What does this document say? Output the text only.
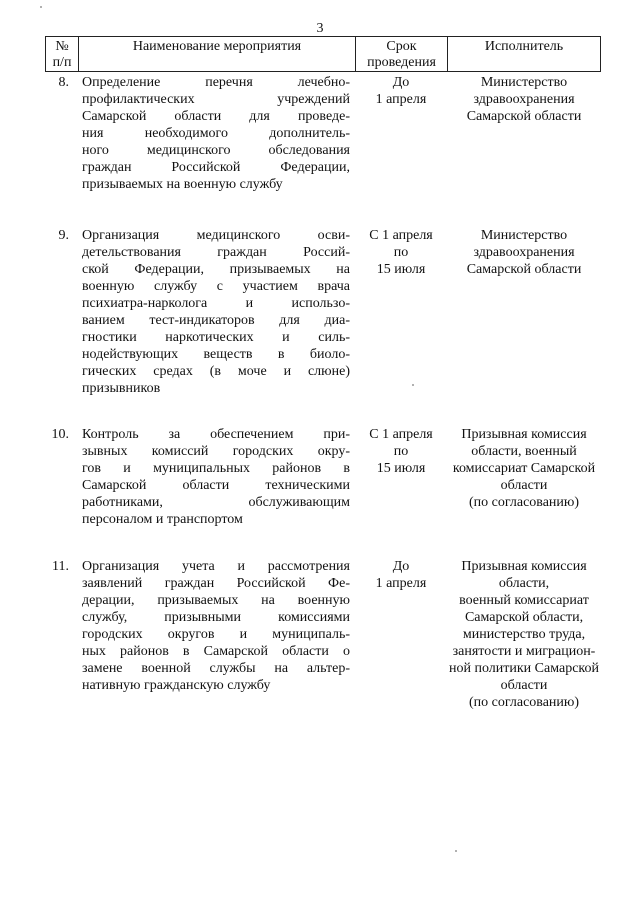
3
№
п/п
Наименование мероприятия	Срок
проведения
Исполнитель
8. Определение перечня лечебно-
профилактических учреждений
Самарской области для проведе-
ния необходимого дополнитель-
ного медицинского обследования
граждан Российской Федерации,
призываемых на военную службу
До
1 апреля
Министерство
здравоохранения
Самарской области
9. Организация медицинского осви-
детельствования граждан Россий-
ской Федерации, призываемых на
военную службу с участием врача
психиатра-нарколога и использо-
ванием тест-индикаторов для диа-
гностики наркотических и силь-
нодействующих веществ в биоло-
гических средах (в моче и слюне)
призывников
С 1 апреля
по
15 июля
Министерство
здравоохранения
Самарской области
10. Контроль за обеспечением при-
зывных комиссий городских окру-
гов и муниципальных районов в
Самарской области техническими
работниками, обслуживающим
персоналом и транспортом
С 1 апреля
по
15 июля
Призывная комиссия
области, военный
комиссариат Самарской
области
(по согласованию)
11. Организация учета и рассмотрения
заявлений граждан Российской Фе-
дерации, призываемых на военную
службу, призывными комиссиями
городских округов и муниципаль-
ных районов в Самарской области о
замене военной службы на альтер-
нативную гражданскую службу
До
1 апреля
Призывная комиссия
области,
военный комиссариат
Самарской области,
министерство труда,
занятости и миграцион-
ной политики Самарской
области
(по согласованию)
